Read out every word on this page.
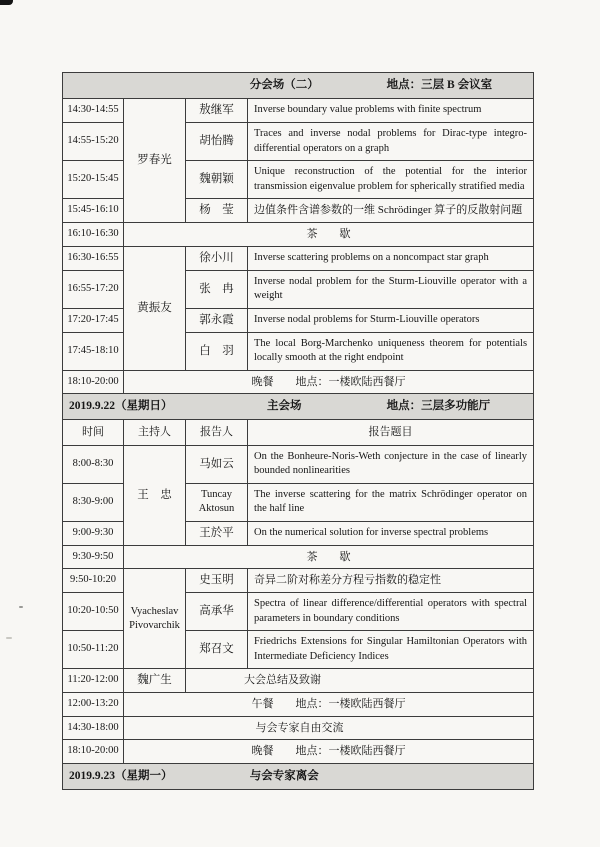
分会场（二） 地点：三层 B 会议室			

14:30-14:55	罗春光	敖继军	Inverse boundary value problems with finite spectrum
14:55-15:20		胡怡腾	Traces and inverse nodal problems for Dirac-type integro-differential operators on a graph
15:20-15:45		魏朝颖	Unique reconstruction of the potential for the interior transmission eigenvalue problem for spherically stratified media
15:45-16:10		杨　莹	边值条件含谱参数的一维 Schrödinger 算子的反散射问题
16:10-16:30	茶　　歇		
16:30-16:55	黄振友	徐小川	Inverse scattering problems on a noncompact star graph
16:55-17:20		张　冉	Inverse nodal problem for the Sturm-Liouville operator with a weight
17:20-17:45		郭永霞	Inverse nodal problems for Sturm-Liouville operators
17:45-18:10		白　羽	The local Borg-Marchenko uniqueness theorem for potentials locally smooth at the right endpoint
18:10-20:00	晚餐　　地点：一楼欧陆西餐厅		

2019.9.22（星期日） 主会场 地点：三层多功能厅			

时间	主持人	报告人	报告题目
8:00-8:30	王　忠	马如云	On the Bonheure-Noris-Weth conjecture in the case of linearly bounded nonlinearities
8:30-9:00		Tuncay Aktosun	The inverse scattering for the matrix Schrödinger operator on the half line
9:00-9:30		王於平	On the numerical solution for inverse spectral problems
9:30-9:50	茶　　歇		
9:50-10:20	Vyacheslav Pivovarchik	史玉明	奇异二阶对称差分方程亏指数的稳定性
10:20-10:50		高承华	Spectra of linear difference/differential operators with spectral parameters in boundary conditions
10:50-11:20		郑召文	Friedrichs Extensions for Singular Hamiltonian Operators with Intermediate Deficiency Indices
11:20-12:00	魏广生	大会总结及致谢	
12:00-13:20	午餐　　地点：一楼欧陆西餐厅		
14:30-18:00	与会专家自由交流		
18:10-20:00	晚餐　　地点：一楼欧陆西餐厅		

2019.9.23（星期一） 与会专家离会			
